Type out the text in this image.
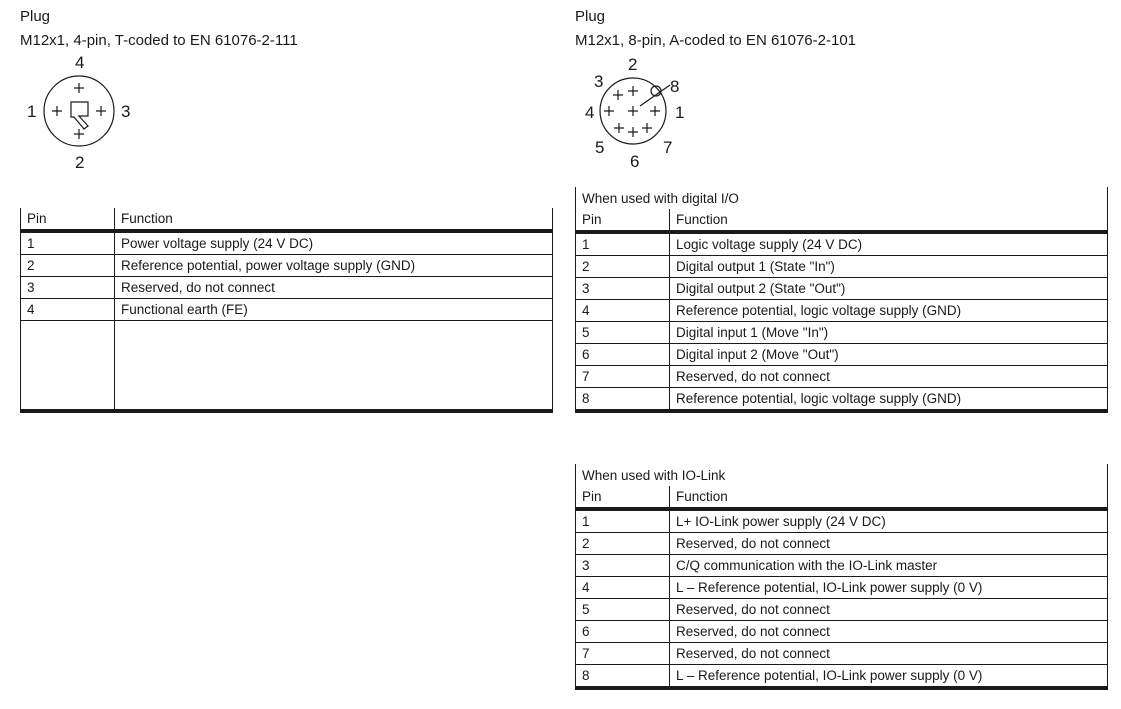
Plug
M12x1, 4-pin, T-coded to EN 61076-2-111
4
1	3
2
Pin	Function
1	Power voltage supply (24 V DC)
2	Reference potential, power voltage supply (GND)
3	Reserved, do not connect
4	Functional earth (FE)

Plug
M12x1, 8-pin, A-coded to EN 61076-2-101
2
3	8
4	1
5	7
6
When used with digital I/O	
Pin	Function
1	Logic voltage supply (24 V DC)
2	Digital output 1 (State "In")
3	Digital output 2 (State "Out")
4	Reference potential, logic voltage supply (GND)
5	Digital input 1 (Move "In")
6	Digital input 2 (Move "Out")
7	Reserved, do not connect
8	Reference potential, logic voltage supply (GND)
When used with IO-Link	
Pin	Function
1	L+ IO-Link power supply (24 V DC)
2	Reserved, do not connect
3	C/Q communication with the IO-Link master
4	L – Reference potential, IO-Link power supply (0 V)
5	Reserved, do not connect
6	Reserved, do not connect
7	Reserved, do not connect
8	L – Reference potential, IO-Link power supply (0 V)
